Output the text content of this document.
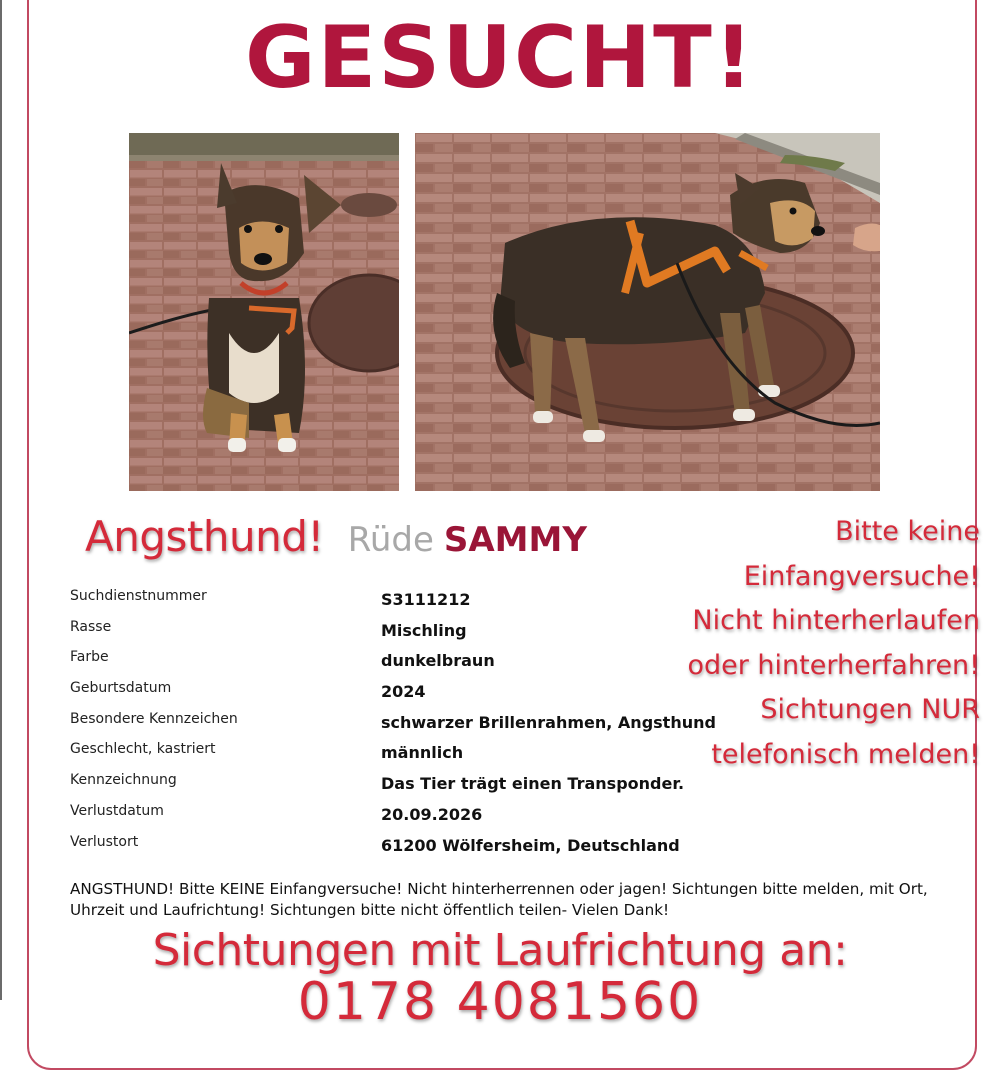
GESUCHT!
Angsthund! Rüde SAMMY
Suchdienstnummer	S3111212
Rasse	Mischling
Farbe	dunkelbraun
Geburtsdatum	2024
Besondere Kennzeichen	schwarzer Brillenrahmen, Angsthund
Geschlecht, kastriert	männlich
Kennzeichnung	Das Tier trägt einen Transponder.
Verlustdatum	20.09.2026
Verlustort	61200 Wölfersheim, Deutschland
Bitte keine
Einfangversuche!
Nicht hinterherlaufen
oder hinterherfahren!
Sichtungen NUR
telefonisch melden!
ANGSTHUND! Bitte KEINE Einfangversuche! Nicht hinterherrennen oder jagen! Sichtungen bitte melden, mit Ort, Uhrzeit und Laufrichtung! Sichtungen bitte nicht öffentlich teilen- Vielen Dank!
Sichtungen mit Laufrichtung an:
0178 4081560
